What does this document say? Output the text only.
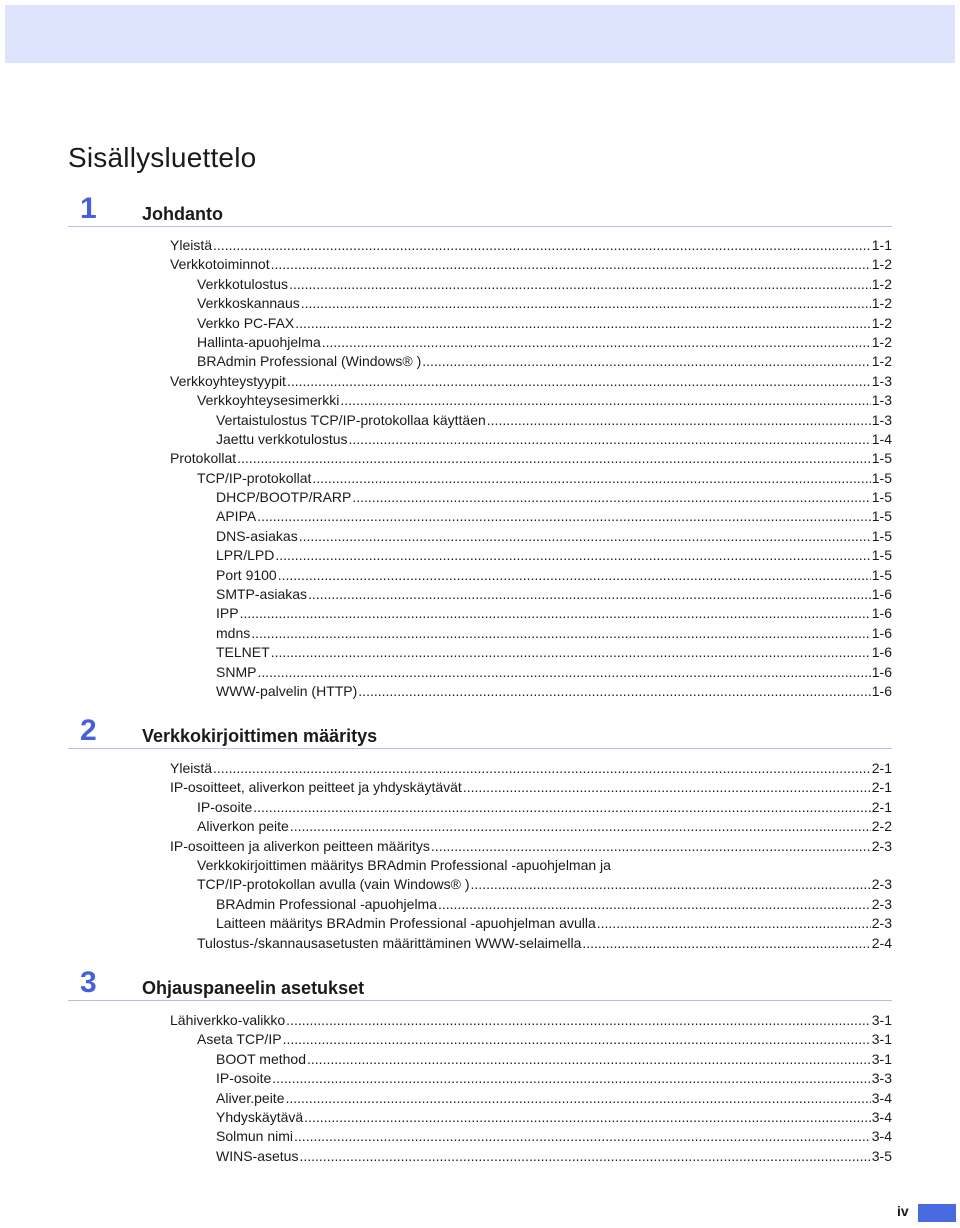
Sisällysluettelo
1	Johdanto
Yleistä .....	1-1
Verkkotoiminnot .....	1-2
Verkkotulostus .....	1-2
Verkkoskannaus .....	1-2
Verkko PC-FAX .....	1-2
Hallinta-apuohjelma .....	1-2
BRAdmin Professional (Windows® ) .....	1-2
Verkkoyhteystyypit .....	1-3
Verkkoyhteysesimerkki .....	1-3
Vertaistulostus TCP/IP-protokollaa käyttäen .....	1-3
Jaettu verkkotulostus .....	1-4
Protokollat .....	1-5
TCP/IP-protokollat .....	1-5
DHCP/BOOTP/RARP .....	1-5
APIPA .....	1-5
DNS-asiakas .....	1-5
LPR/LPD .....	1-5
Port 9100 .....	1-5
SMTP-asiakas .....	1-6
IPP .....	1-6
mdns .....	1-6
TELNET .....	1-6
SNMP .....	1-6
WWW-palvelin (HTTP) .....	1-6
2	Verkkokirjoittimen määritys
Yleistä .....	2-1
IP-osoitteet, aliverkon peitteet ja yhdyskäytävät .....	2-1
IP-osoite .....	2-1
Aliverkon peite .....	2-2
IP-osoitteen ja aliverkon peitteen määritys .....	2-3
Verkkokirjoittimen määritys BRAdmin Professional -apuohjelman ja
TCP/IP-protokollan avulla (vain Windows® ) .....	2-3
BRAdmin Professional -apuohjelma .....	2-3
Laitteen määritys BRAdmin Professional -apuohjelman avulla .....	2-3
Tulostus-/skannausasetusten määrittäminen WWW-selaimella .....	2-4
3	Ohjauspaneelin asetukset
Lähiverkko-valikko .....	3-1
Aseta TCP/IP .....	3-1
BOOT method .....	3-1
IP-osoite .....	3-3
Aliver.peite .....	3-4
Yhdyskäytävä .....	3-4
Solmun nimi .....	3-4
WINS-asetus .....	3-5
iv
